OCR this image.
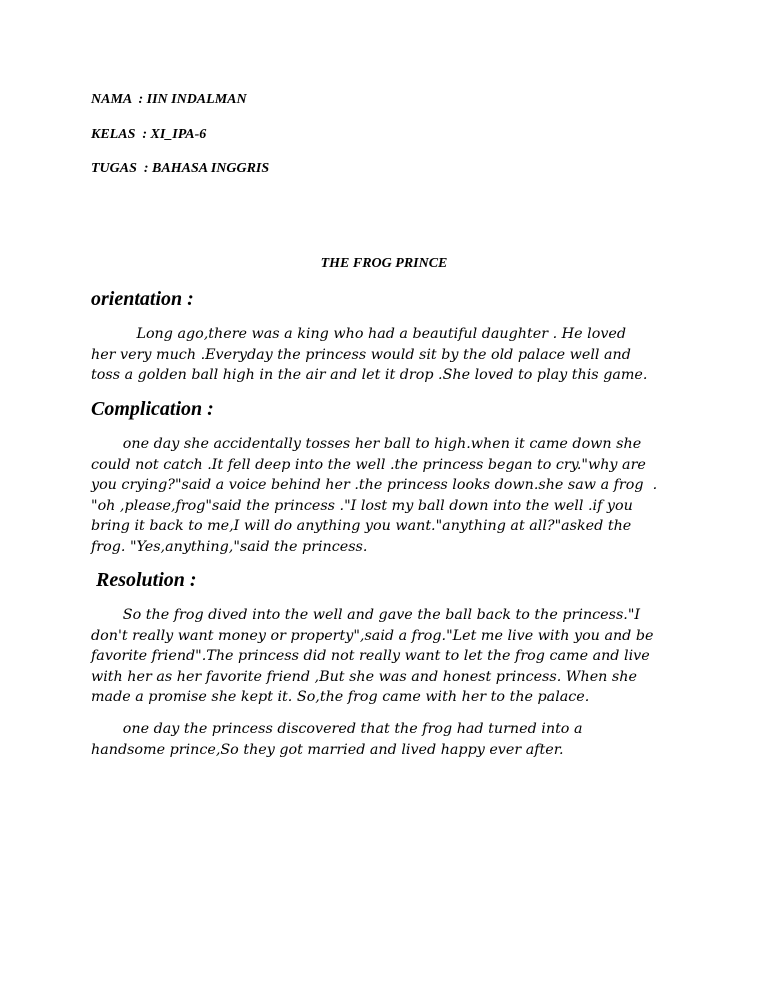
NAMA  : IIN INDALMAN
KELAS  : XI_IPA-6
TUGAS  : BAHASA INGGRIS
THE FROG PRINCE
orientation :
Long ago,there was a king who had a beautiful daughter . He loved
her very much .Everyday the princess would sit by the old palace well and
toss a golden ball high in the air and let it drop .She loved to play this game.
Complication :
one day she accidentally tosses her ball to high.when it came down she
could not catch .It fell deep into the well .the princess began to cry."why are
you crying?"said a voice behind her .the princess looks down.she saw a frog  .
"oh ,please,frog"said the princess ."I lost my ball down into the well .if you
bring it back to me,I will do anything you want."anything at all?"asked the
frog. "Yes,anything,"said the princess.
Resolution :
So the frog dived into the well and gave the ball back to the princess."I
don't really want money or property",said a frog."Let me live with you and be
favorite friend".The princess did not really want to let the frog came and live
with her as her favorite friend ,But she was and honest princess. When she
made a promise she kept it. So,the frog came with her to the palace.
one day the princess discovered that the frog had turned into a
handsome prince,So they got married and lived happy ever after.
